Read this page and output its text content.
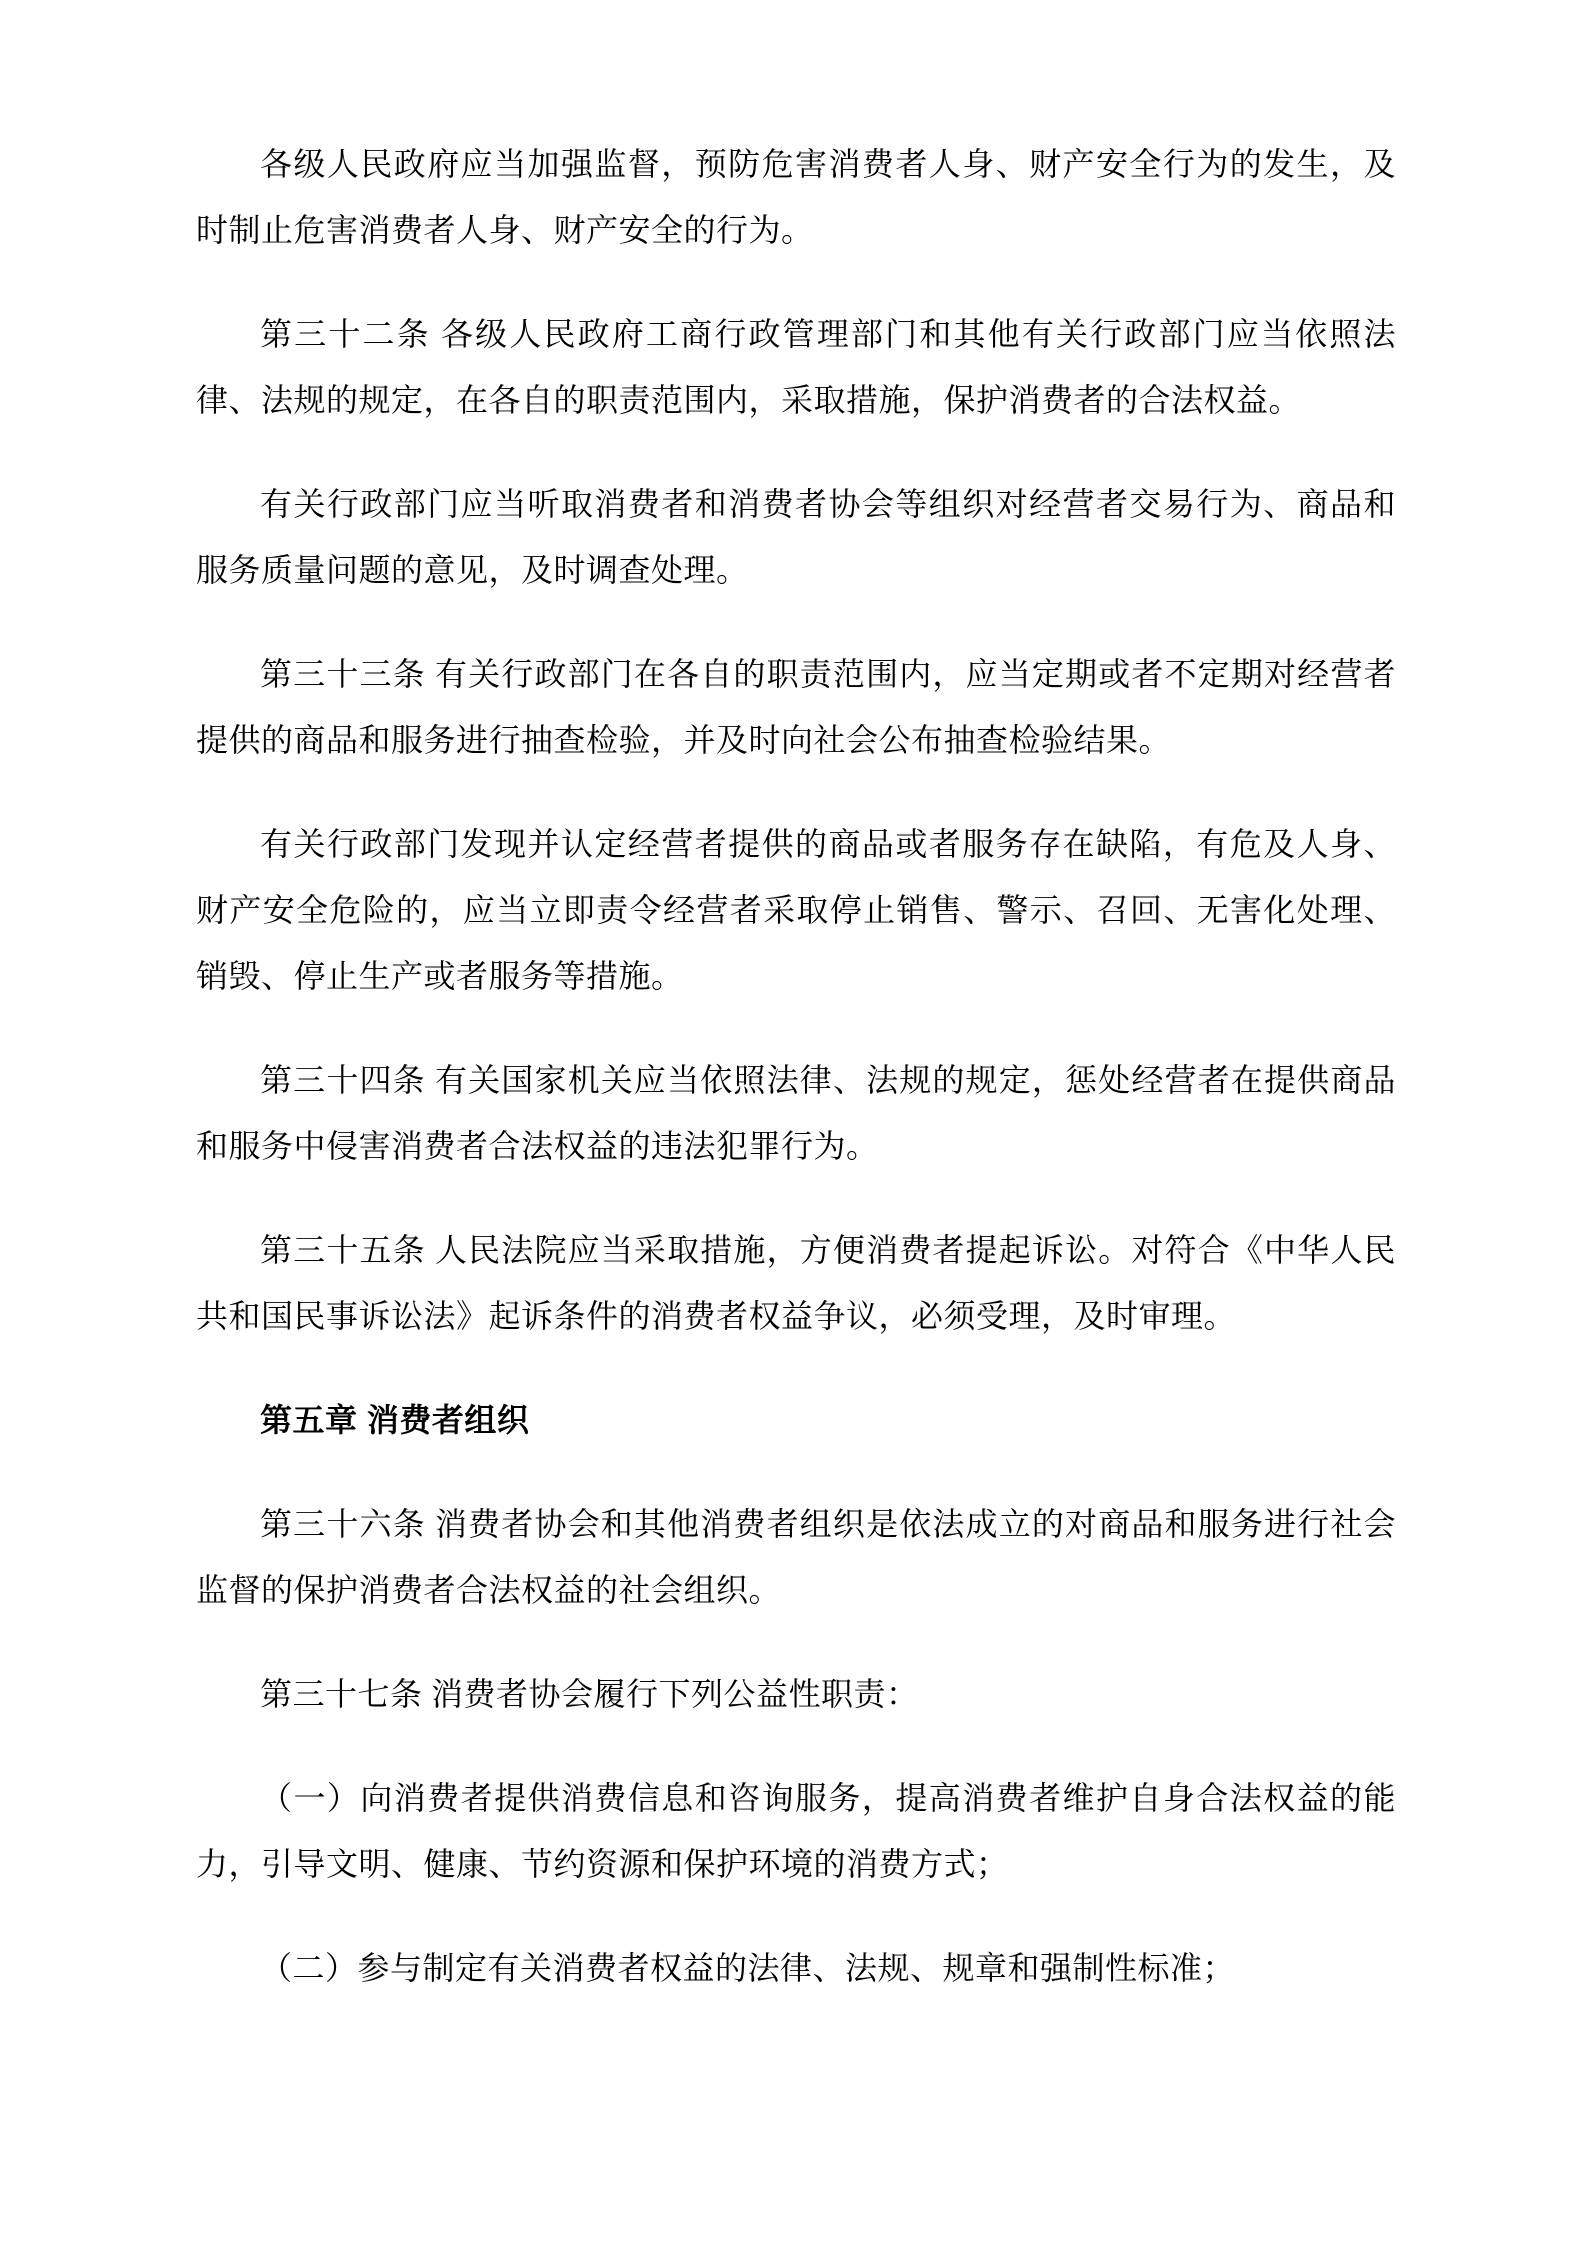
各级人民政府应当加强监督，预防危害消费者人身、财产安全行为的发生，及时制止危害消费者人身、财产安全的行为。

第三十二条 各级人民政府工商行政管理部门和其他有关行政部门应当依照法律、法规的规定，在各自的职责范围内，采取措施，保护消费者的合法权益。

有关行政部门应当听取消费者和消费者协会等组织对经营者交易行为、商品和服务质量问题的意见，及时调查处理。

第三十三条 有关行政部门在各自的职责范围内，应当定期或者不定期对经营者提供的商品和服务进行抽查检验，并及时向社会公布抽查检验结果。

有关行政部门发现并认定经营者提供的商品或者服务存在缺陷，有危及人身、财产安全危险的，应当立即责令经营者采取停止销售、警示、召回、无害化处理、销毁、停止生产或者服务等措施。

第三十四条 有关国家机关应当依照法律、法规的规定，惩处经营者在提供商品和服务中侵害消费者合法权益的违法犯罪行为。

第三十五条 人民法院应当采取措施，方便消费者提起诉讼。对符合《中华人民共和国民事诉讼法》起诉条件的消费者权益争议，必须受理，及时审理。

第五章 消费者组织

第三十六条 消费者协会和其他消费者组织是依法成立的对商品和服务进行社会监督的保护消费者合法权益的社会组织。

第三十七条 消费者协会履行下列公益性职责：

（一）向消费者提供消费信息和咨询服务，提高消费者维护自身合法权益的能力，引导文明、健康、节约资源和保护环境的消费方式；

（二）参与制定有关消费者权益的法律、法规、规章和强制性标准；
